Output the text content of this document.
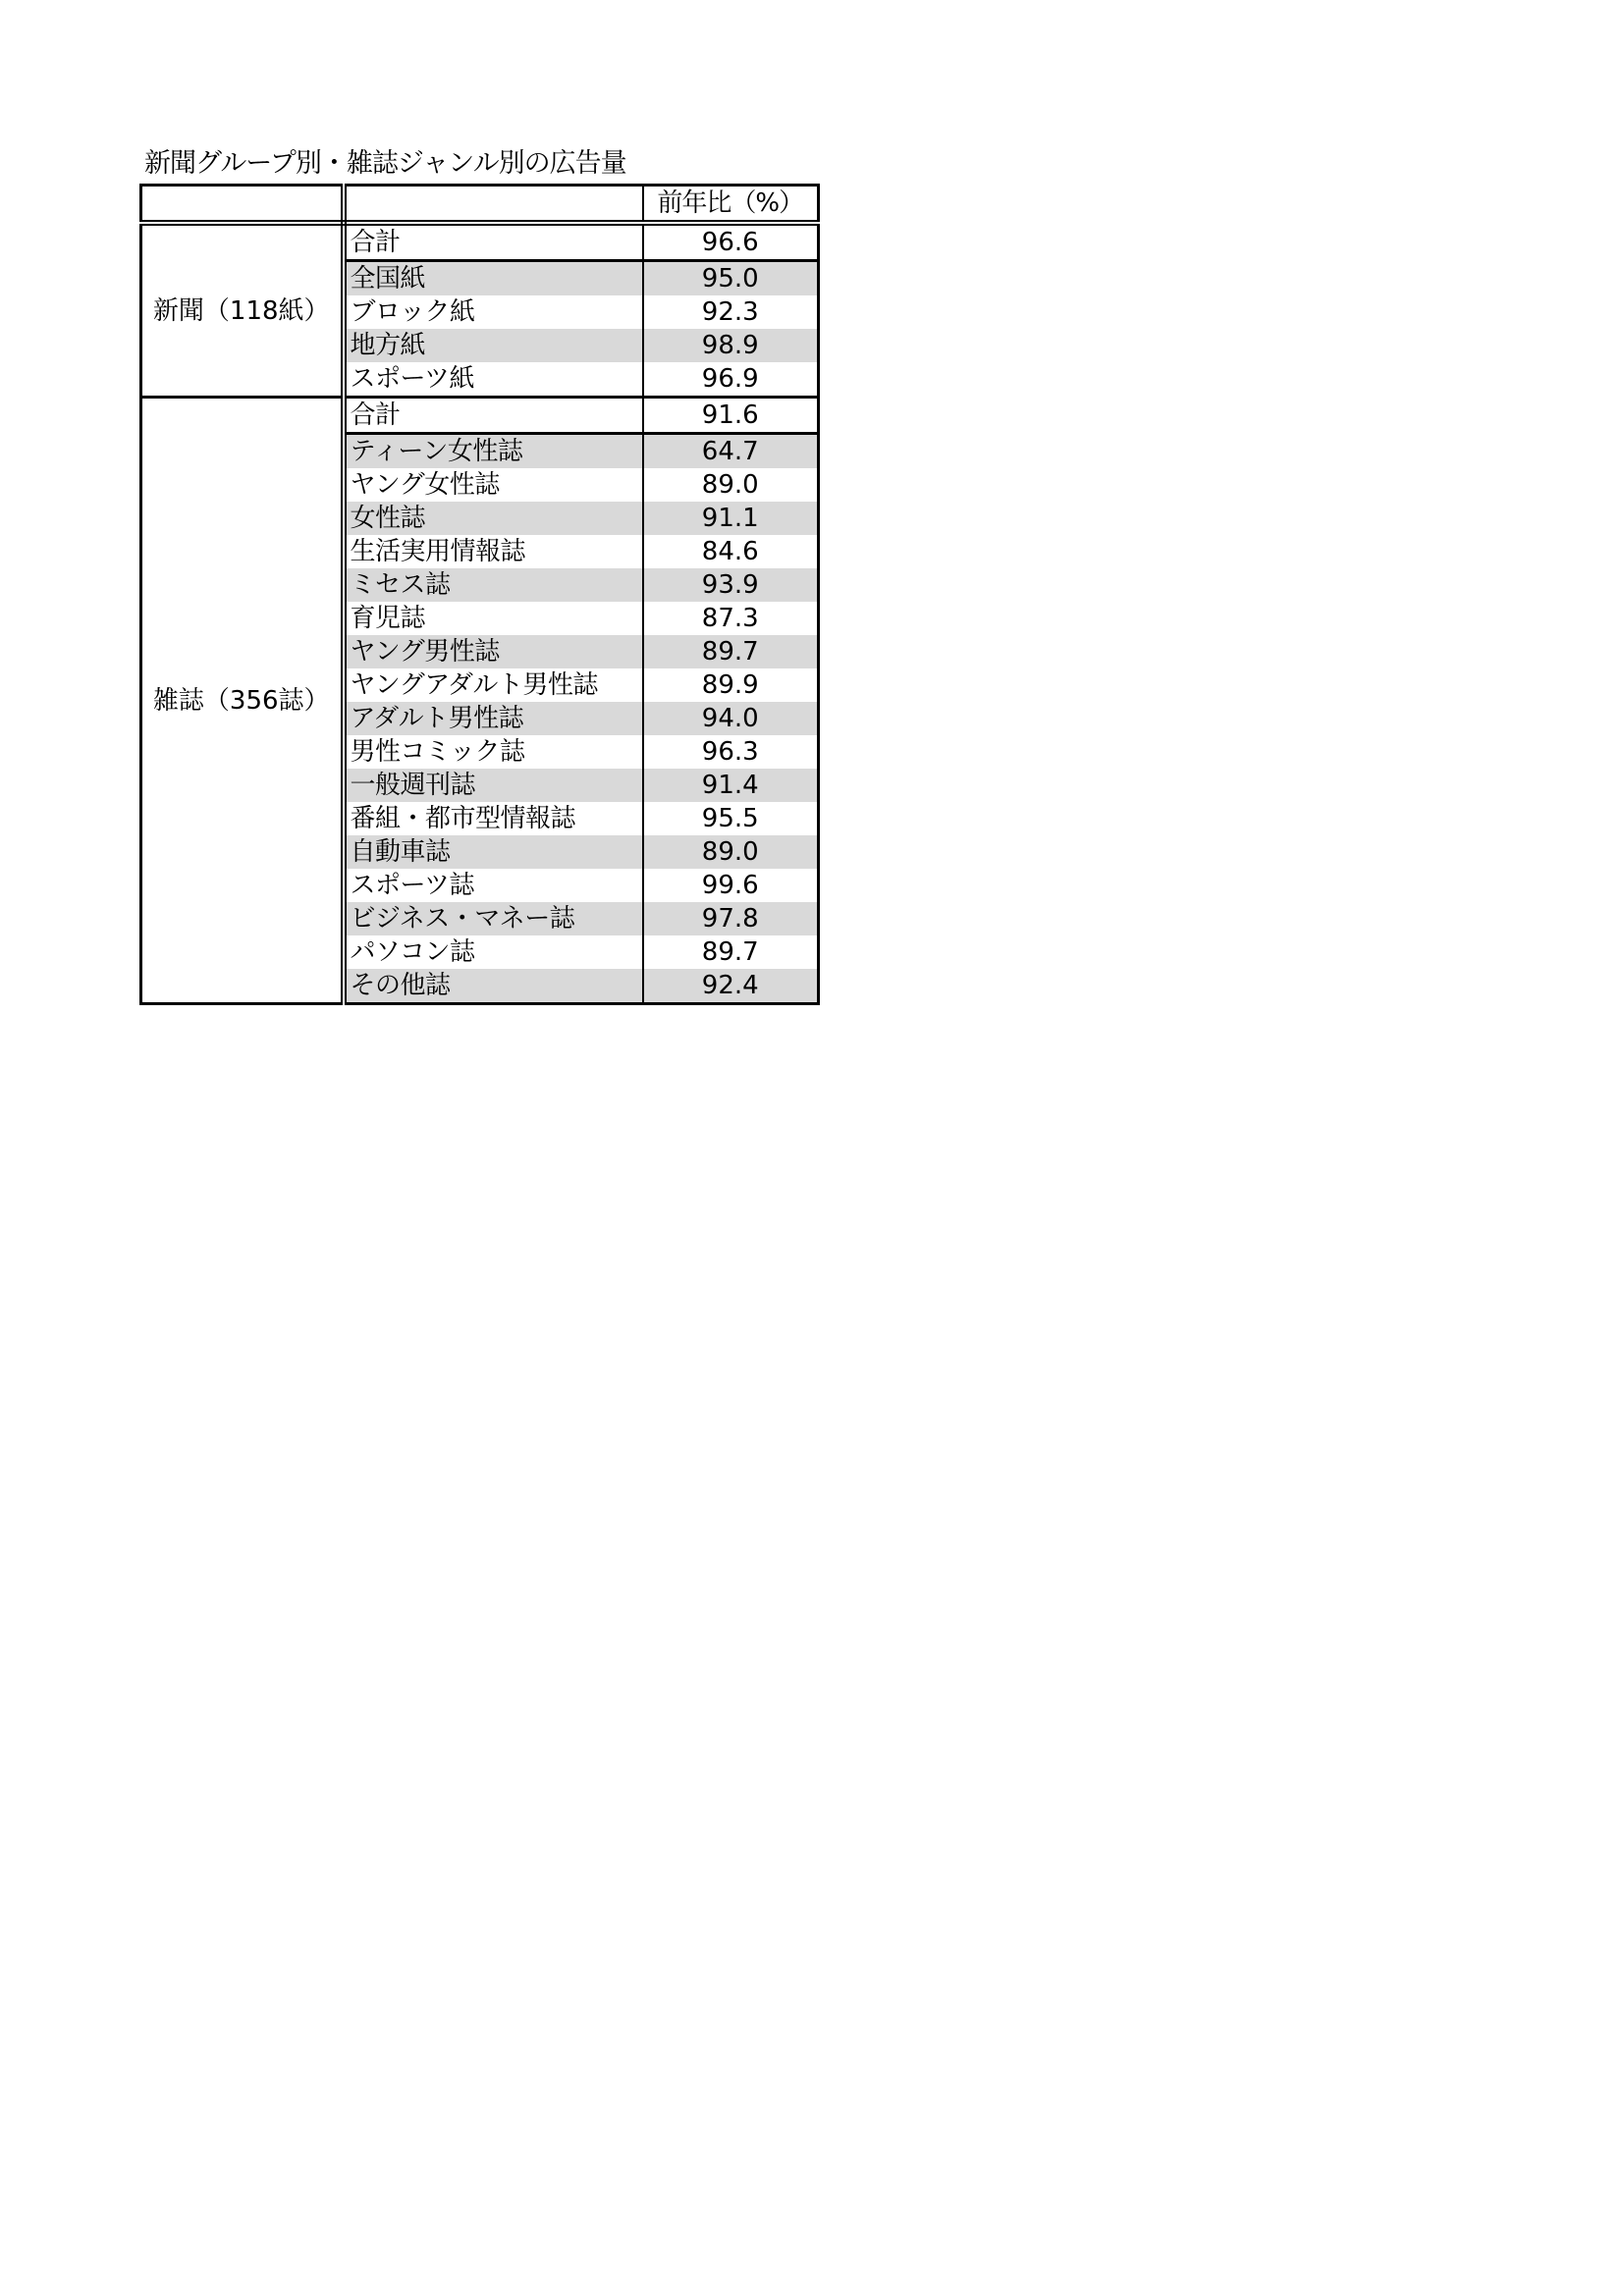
新聞グループ別・雑誌ジャンル別の広告量
		前年比（%）
新聞（118紙）	合計	96.6
	全国紙	95.0
	ブロック紙	92.3
	地方紙	98.9
	スポーツ紙	96.9
雑誌（356誌）	合計	91.6
	ティーン女性誌	64.7
	ヤング女性誌	89.0
	女性誌	91.1
	生活実用情報誌	84.6
	ミセス誌	93.9
	育児誌	87.3
	ヤング男性誌	89.7
	ヤングアダルト男性誌	89.9
	アダルト男性誌	94.0
	男性コミック誌	96.3
	一般週刊誌	91.4
	番組・都市型情報誌	95.5
	自動車誌	89.0
	スポーツ誌	99.6
	ビジネス・マネー誌	97.8
	パソコン誌	89.7
	その他誌	92.4
